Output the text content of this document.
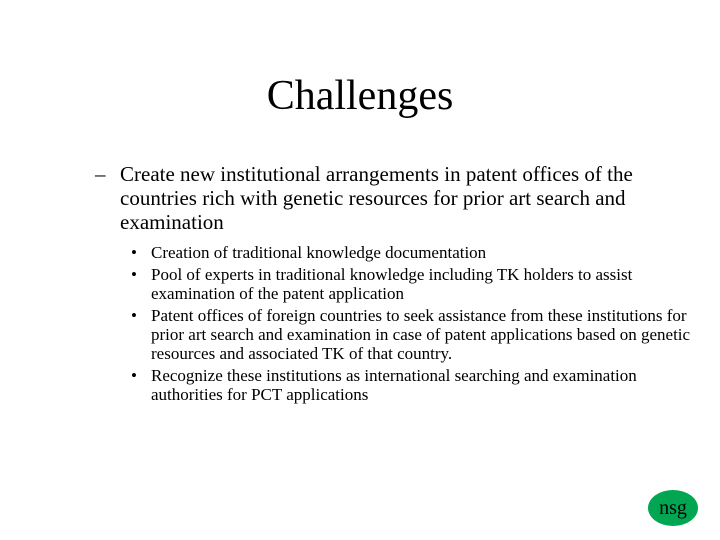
Challenges
– Create new institutional arrangements in patent offices of the countries rich with genetic resources for prior art search and examination
• Creation of traditional knowledge documentation
• Pool of experts in traditional knowledge including TK holders to assist examination of the patent application
• Patent offices of foreign countries to seek assistance from these institutions for prior art search and examination in case of patent applications based on genetic resources and associated TK of that country.
• Recognize these institutions as international searching and examination authorities for PCT applications
nsg
